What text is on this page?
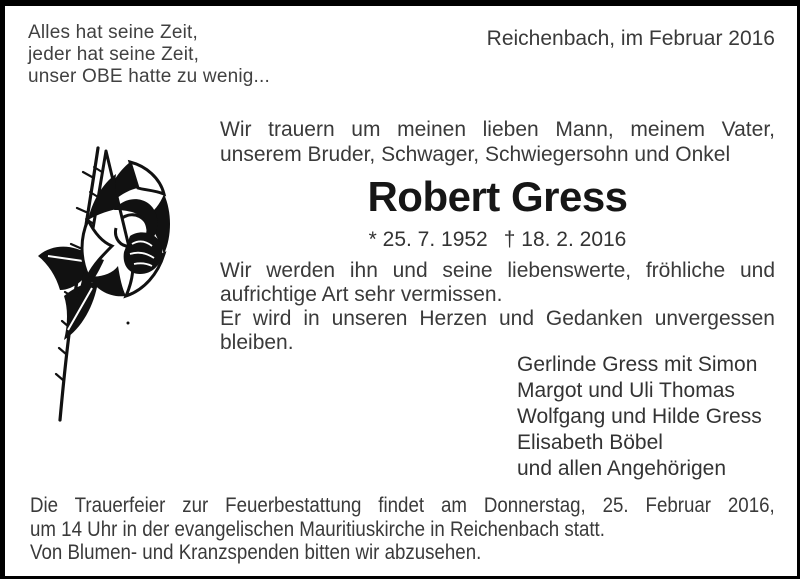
Alles hat seine Zeit,
jeder hat seine Zeit,
unser OBE hatte zu wenig...
Reichenbach, im Februar 2016
Wir trauern um meinen lieben Mann, meinem Vater,
unserem Bruder, Schwager, Schwiegersohn und Onkel
Robert Gress
* 25. 7. 1952 † 18. 2. 2016
Wir werden ihn und seine liebenswerte, fröhliche und
aufrichtige Art sehr vermissen.
Er wird in unseren Herzen und Gedanken unvergessen
bleiben.
Gerlinde Gress mit Simon
Margot und Uli Thomas
Wolfgang und Hilde Gress
Elisabeth Böbel
und allen Angehörigen
Die Trauerfeier zur Feuerbestattung findet am Donnerstag, 25. Februar 2016,
um 14 Uhr in der evangelischen Mauritiuskirche in Reichenbach statt.
Von Blumen- und Kranzspenden bitten wir abzusehen.
